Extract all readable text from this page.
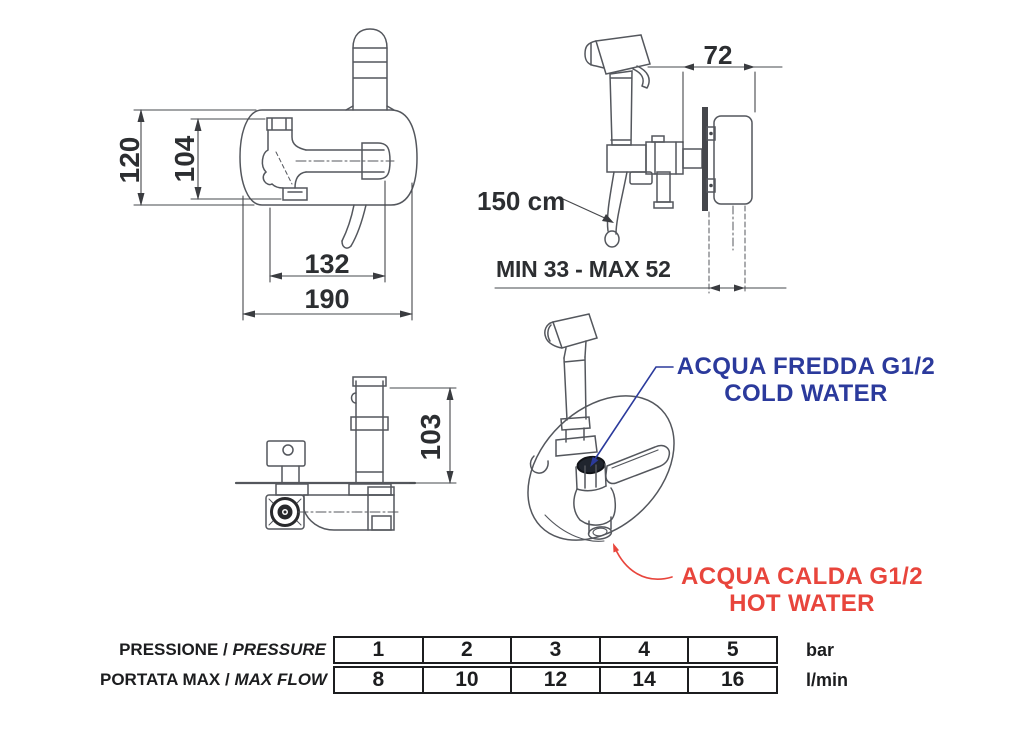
120 104
132
190
72
150 cm
MIN 33 - MAX 52
103
ACQUA FREDDA G1/2
COLD WATER
ACQUA CALDA G1/2
HOT WATER
PRESSIONE / PRESSURE	1	2	3	4	5	bar
PORTATA MAX / MAX FLOW	8	10	12	14	16	l/min
